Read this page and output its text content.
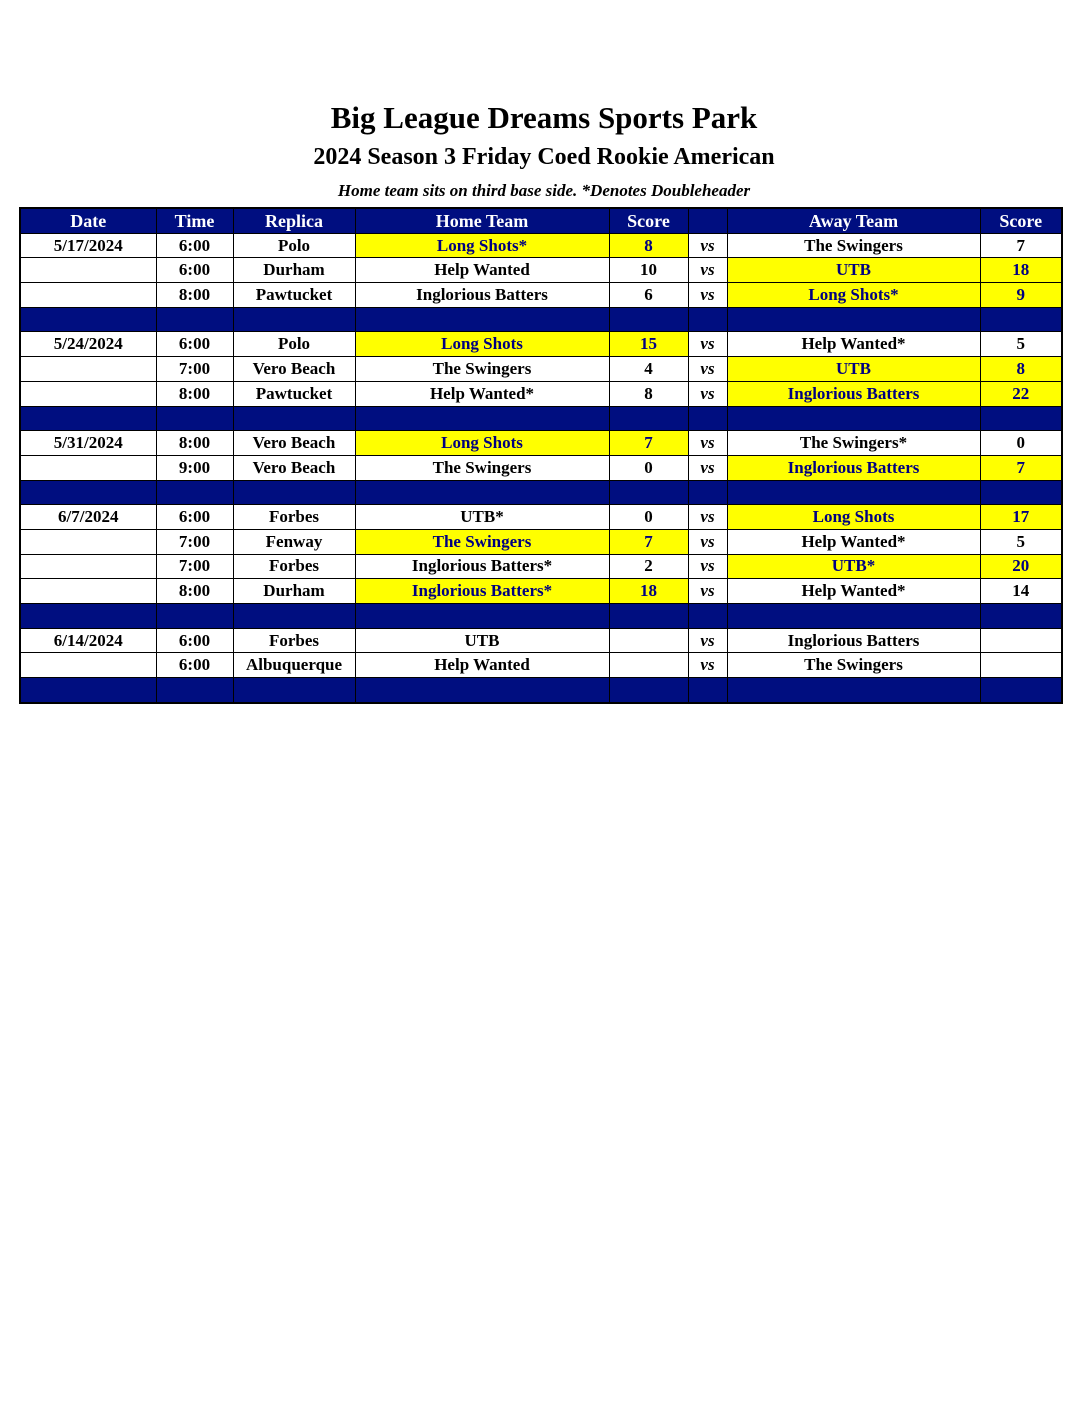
Big League Dreams Sports Park
2024 Season 3 Friday Coed Rookie American

Home team sits on third base side. *Denotes Doubleheader

Date	Time	Replica	Home Team	Score		Away Team	Score
5/17/2024	6:00	Polo	Long Shots*	8	vs	The Swingers	7
	6:00	Durham	Help Wanted	10	vs	UTB	18
	8:00	Pawtucket	Inglorious Batters	6	vs	Long Shots*	9

5/24/2024	6:00	Polo	Long Shots	15	vs	Help Wanted*	5
	7:00	Vero Beach	The Swingers	4	vs	UTB	8
	8:00	Pawtucket	Help Wanted*	8	vs	Inglorious Batters	22

5/31/2024	8:00	Vero Beach	Long Shots	7	vs	The Swingers*	0
	9:00	Vero Beach	The Swingers	0	vs	Inglorious Batters	7

6/7/2024	6:00	Forbes	UTB*	0	vs	Long Shots	17
	7:00	Fenway	The Swingers	7	vs	Help Wanted*	5
	7:00	Forbes	Inglorious Batters*	2	vs	UTB*	20
	8:00	Durham	Inglorious Batters*	18	vs	Help Wanted*	14

6/14/2024	6:00	Forbes	UTB		vs	Inglorious Batters	
	6:00	Albuquerque	Help Wanted		vs	The Swingers	
